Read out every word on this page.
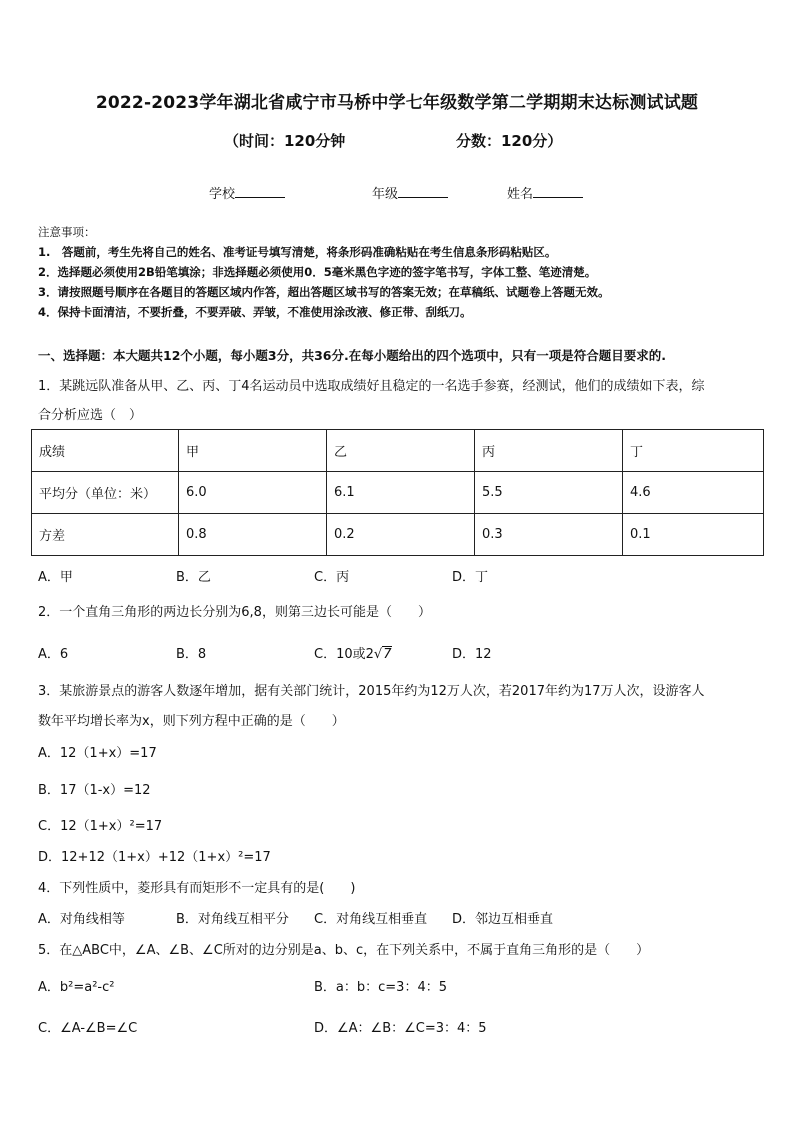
2022-2023学年湖北省咸宁市马桥中学七年级数学第二学期期末达标测试试题
（时间：120分钟	分数：120分）
学校	年级	姓名
注意事项：
1.　答题前，考生先将自己的姓名、准考证号填写清楚，将条形码准确粘贴在考生信息条形码粘贴区。
2．选择题必须使用2B铅笔填涂；非选择题必须使用0．5毫米黑色字迹的签字笔书写，字体工整、笔迹清楚。
3．请按照题号顺序在各题目的答题区域内作答，超出答题区域书写的答案无效；在草稿纸、试题卷上答题无效。
4．保持卡面清洁，不要折叠，不要弄破、弄皱，不准使用涂改液、修正带、刮纸刀。
一、选择题：本大题共12个小题，每小题3分，共36分.在每小题给出的四个选项中，只有一项是符合题目要求的.
1．某跳远队准备从甲、乙、丙、丁4名运动员中选取成绩好且稳定的一名选手参赛，经测试，他们的成绩如下表，综
合分析应选（　）
成绩	甲	乙	丙	丁
平均分（单位：米）	6.0	6.1	5.5	4.6
方差	0.8	0.2	0.3	0.1
A．甲	B．乙	C．丙	D．丁
2．一个直角三角形的两边长分别为6,8，则第三边长可能是（　　）
A．6	B．8	C．10或2√7	D．12
3．某旅游景点的游客人数逐年增加，据有关部门统计，2015年约为12万人次，若2017年约为17万人次，设游客人
数年平均增长率为x，则下列方程中正确的是（　　）
A．12（1+x）=17
B．17（1-x）=12
C．12（1+x）²=17
D．12+12（1+x）+12（1+x）²=17
4．下列性质中，菱形具有而矩形不一定具有的是(　　)
A．对角线相等	B．对角线互相平分 C．对角线互相垂直 D．邻边互相垂直
5．在△ABC中，∠A、∠B、∠C所对的边分别是a、b、c，在下列关系中，不属于直角三角形的是（　　）
A．b²=a²-c²	B．a：b：c=3：4：5
C．∠A-∠B=∠C	D．∠A：∠B：∠C=3：4：5
